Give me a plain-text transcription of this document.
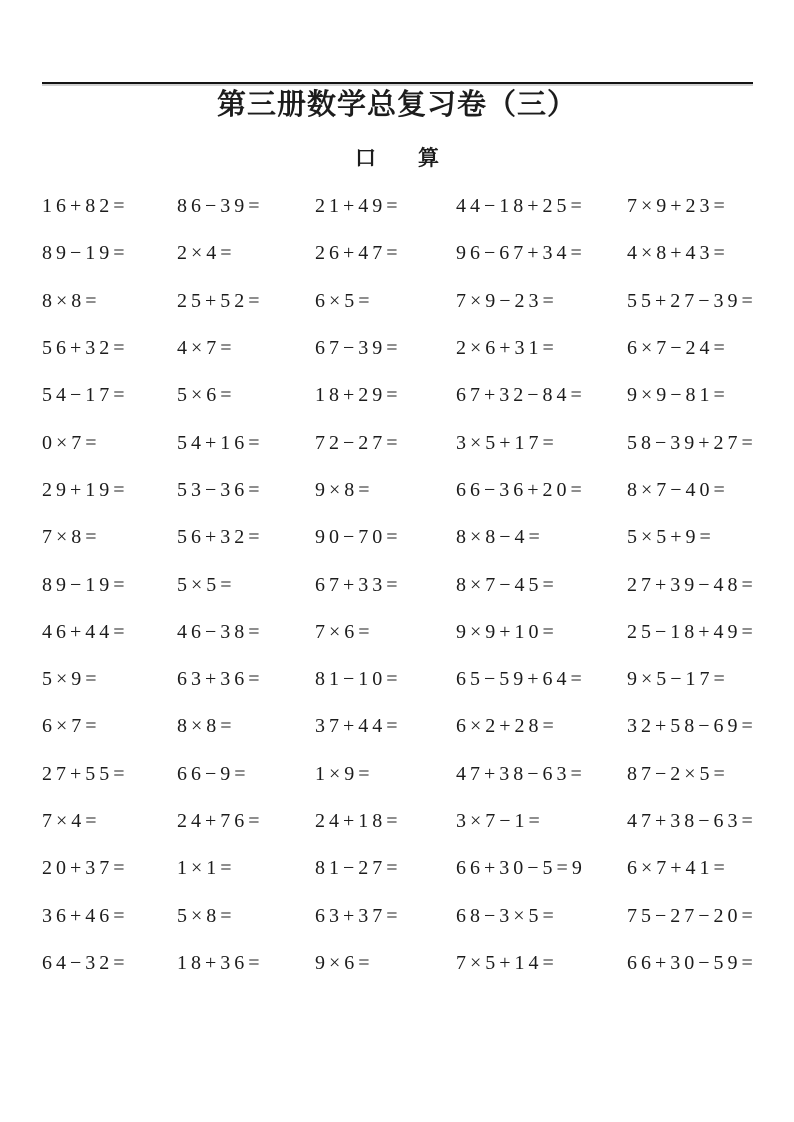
第三册数学总复习卷（三）
口　　算
16+82=	86−39=	21+49=	44−18+25=	7×9+23=
89−19=	2×4=	26+47=	96−67+34=	4×8+43=
8×8=	25+52=	6×5=	7×9−23=	55+27−39=
56+32=	4×7=	67−39=	2×6+31=	6×7−24=
54−17=	5×6=	18+29=	67+32−84=	9×9−81=
0×7=	54+16=	72−27=	3×5+17=	58−39+27=
29+19=	53−36=	9×8=	66−36+20=	8×7−40=
7×8=	56+32=	90−70=	8×8−4=	5×5+9=
89−19=	5×5=	67+33=	8×7−45=	27+39−48=
46+44=	46−38=	7×6=	9×9+10=	25−18+49=
5×9=	63+36=	81−10=	65−59+64=	9×5−17=
6×7=	8×8=	37+44=	6×2+28=	32+58−69=
27+55=	66−9=	1×9=	47+38−63=	87−2×5=
7×4=	24+76=	24+18=	3×7−1=	47+38−63=
20+37=	1×1=	81−27=	66+30−5=9	6×7+41=
36+46=	5×8=	63+37=	68−3×5=	75−27−20=
64−32=	18+36=	9×6=	7×5+14=	66+30−59=
